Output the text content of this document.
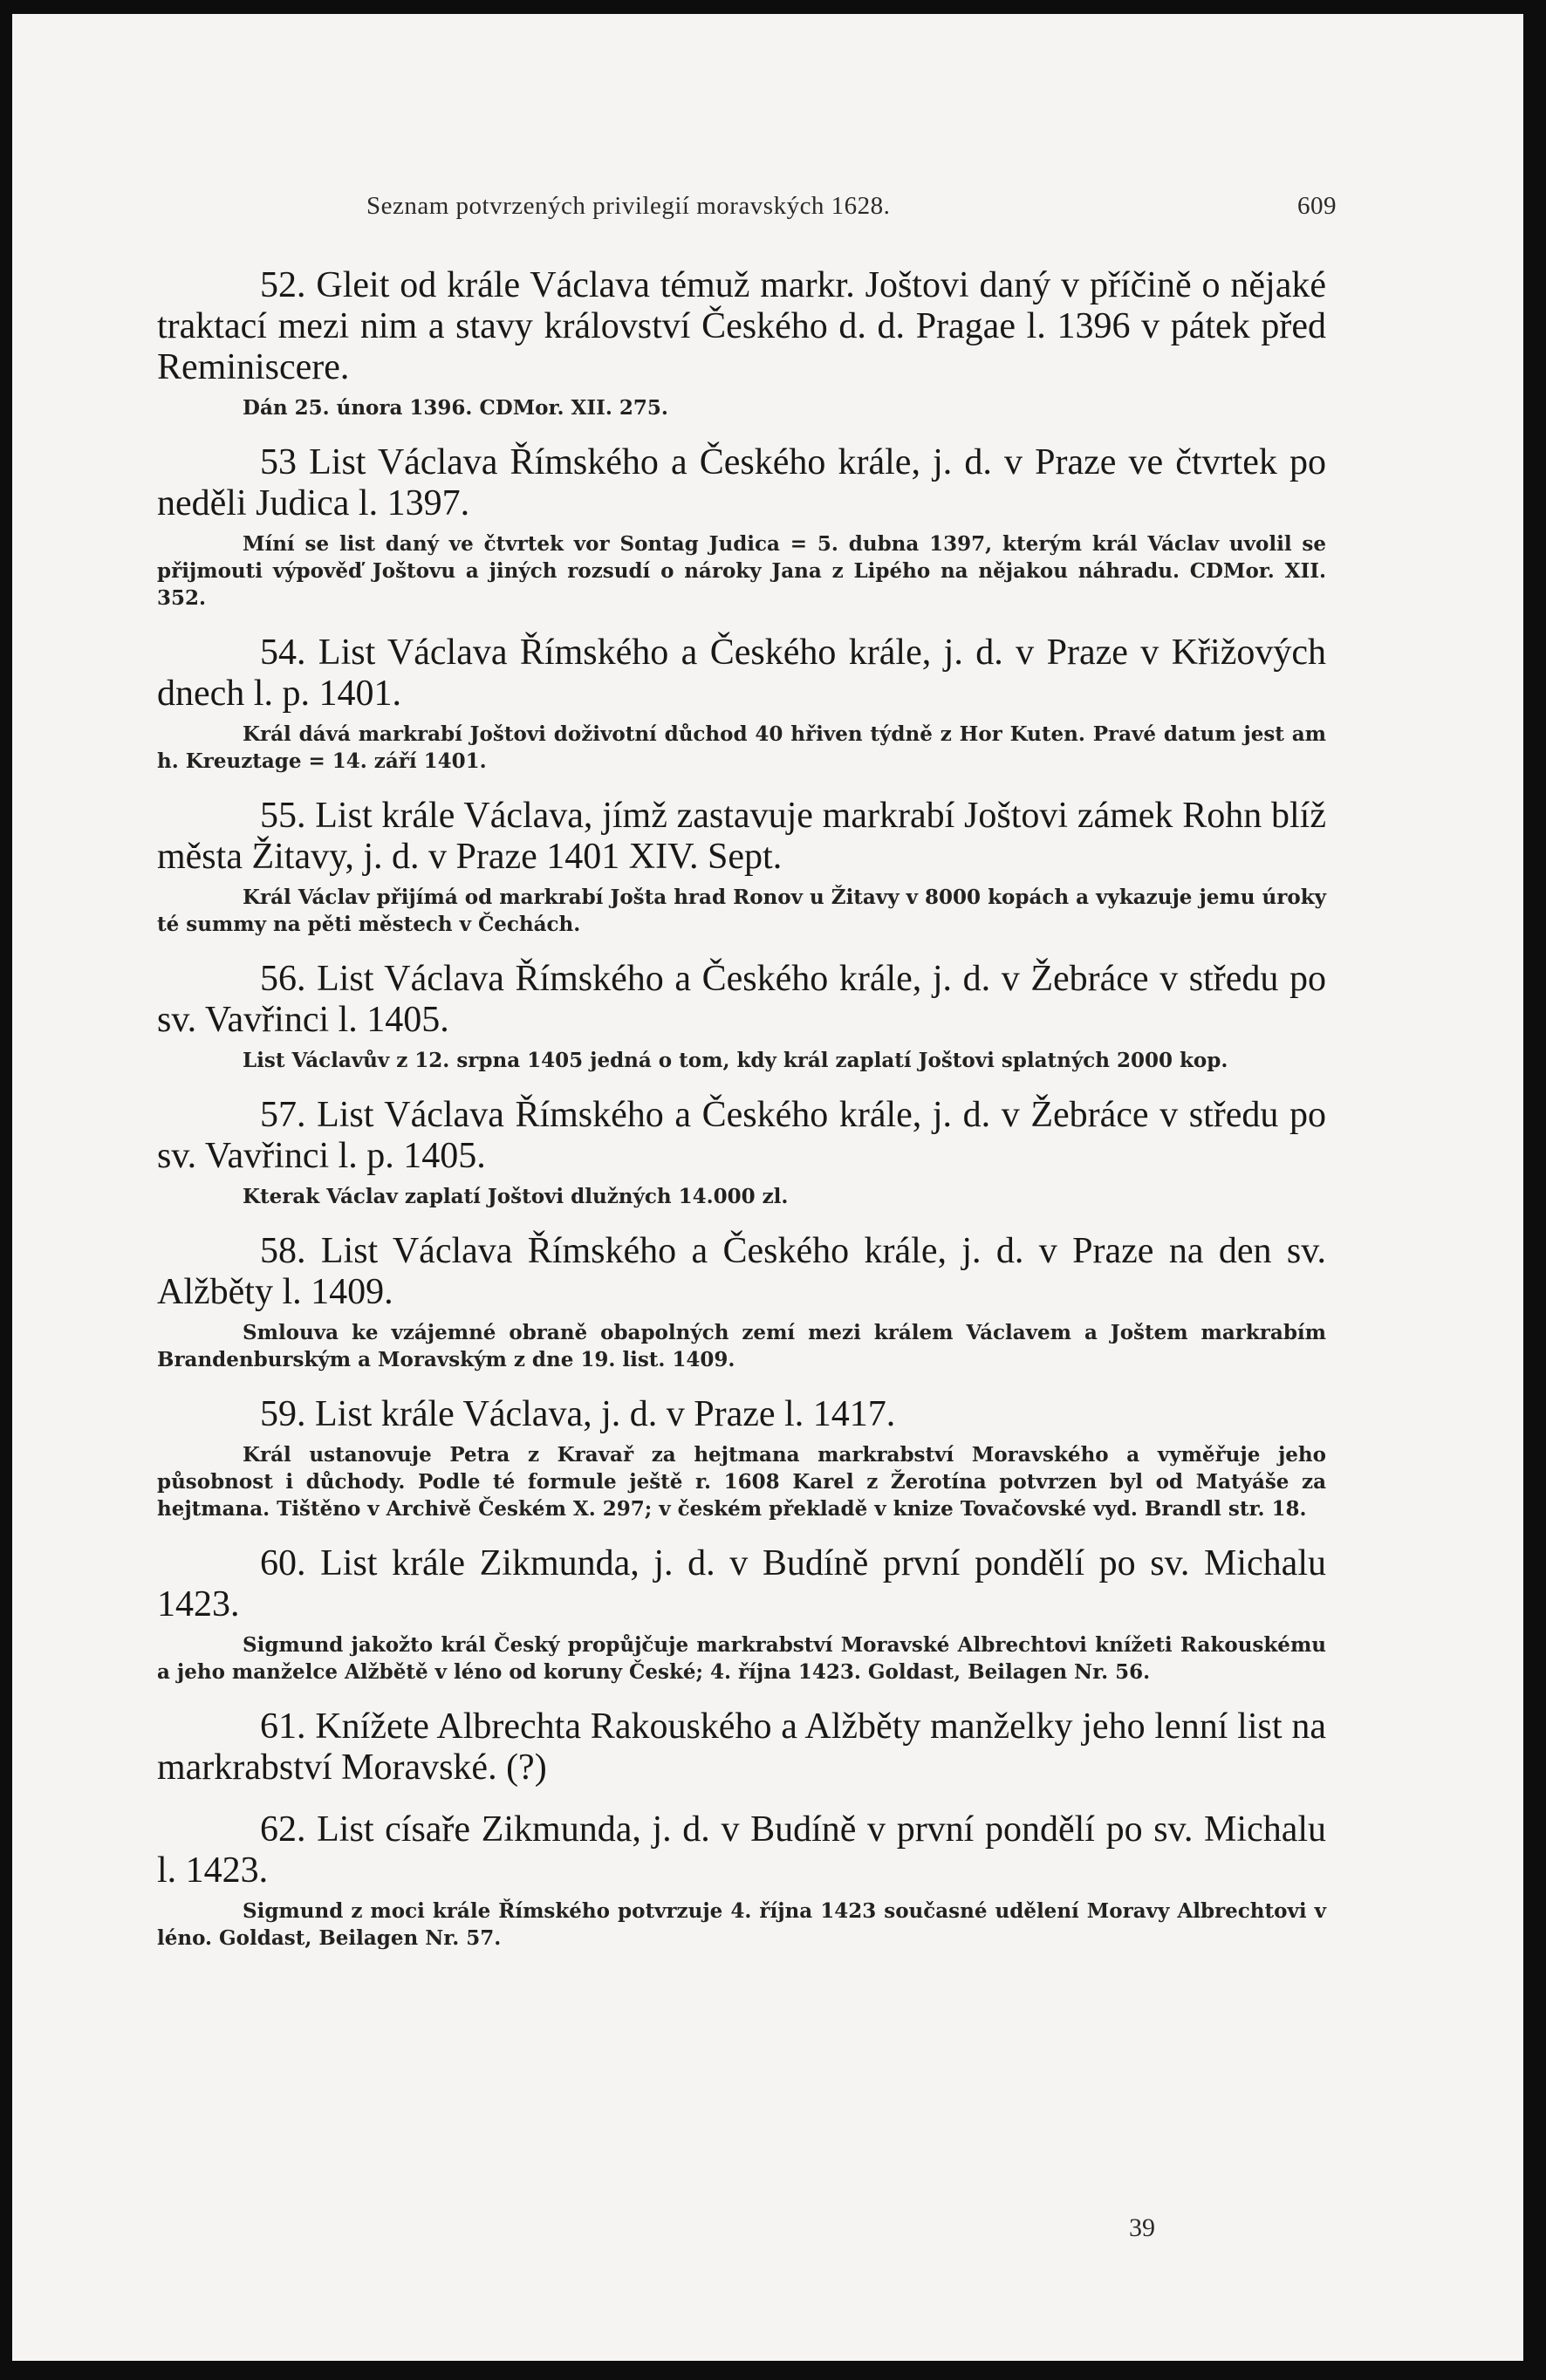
Seznam potvrzených privilegií moravských 1628.	609

52. Gleit od krále Václava témuž markr. Joštovi daný v příčině o nějaké traktací mezi nim a stavy království Českého d. d. Pragae l. 1396 v pátek před Reminiscere.

Dán 25. února 1396. CDMor. XII. 275.

53 List Václava Římského a Českého krále, j. d. v Praze ve čtvrtek po neděli Judica l. 1397.

Míní se list daný ve čtvrtek vor Sontag Judica = 5. dubna 1397, kterým král Václav uvolil se přijmouti výpověď Joštovu a jiných rozsudí o nároky Jana z Lipého na nějakou náhradu. CDMor. XII. 352.

54. List Václava Římského a Českého krále, j. d. v Praze v Křižových dnech l. p. 1401.

Král dává markrabí Joštovi doživotní důchod 40 hřiven týdně z Hor Kuten. Pravé datum jest am h. Kreuztage = 14. září 1401.

55. List krále Václava, jímž zastavuje markrabí Joštovi zámek Rohn blíž města Žitavy, j. d. v Praze 1401 XIV. Sept.

Král Václav přijímá od markrabí Jošta hrad Ronov u Žitavy v 8000 kopách a vykazuje jemu úroky té summy na pěti městech v Čechách.

56. List Václava Římského a Českého krále, j. d. v Žebráce v středu po sv. Vavřinci l. 1405.

List Václavův z 12. srpna 1405 jedná o tom, kdy král zaplatí Joštovi splatných 2000 kop.

57. List Václava Římského a Českého krále, j. d. v Žebráce v středu po sv. Vavřinci l. p. 1405.

Kterak Václav zaplatí Joštovi dlužných 14.000 zl.

58. List Václava Římského a Českého krále, j. d. v Praze na den sv. Alžběty l. 1409.

Smlouva ke vzájemné obraně obapolných zemí mezi králem Václavem a Joštem markrabím Brandenburským a Moravským z dne 19. list. 1409.

59. List krále Václava, j. d. v Praze l. 1417.

Král ustanovuje Petra z Kravař za hejtmana markrabství Moravského a vyměřuje jeho působnost i důchody. Podle té formule ještě r. 1608 Karel z Žerotína potvrzen byl od Matyáše za hejtmana. Tištěno v Archivě Českém X. 297; v českém překladě v knize Tovačovské vyd. Brandl str. 18.

60. List krále Zikmunda, j. d. v Budíně první pondělí po sv. Michalu 1423.

Sigmund jakožto král Český propůjčuje markrabství Moravské Albrechtovi knížeti Rakouskému a jeho manželce Alžbětě v léno od koruny České; 4. října 1423. Goldast, Beilagen Nr. 56.

61. Knížete Albrechta Rakouského a Alžběty manželky jeho lenní list na markrabství Moravské. (?)

62. List císaře Zikmunda, j. d. v Budíně v první pondělí po sv. Michalu l. 1423.

Sigmund z moci krále Římského potvrzuje 4. října 1423 současné udělení Moravy Albrechtovi v léno. Goldast, Beilagen Nr. 57.

39
